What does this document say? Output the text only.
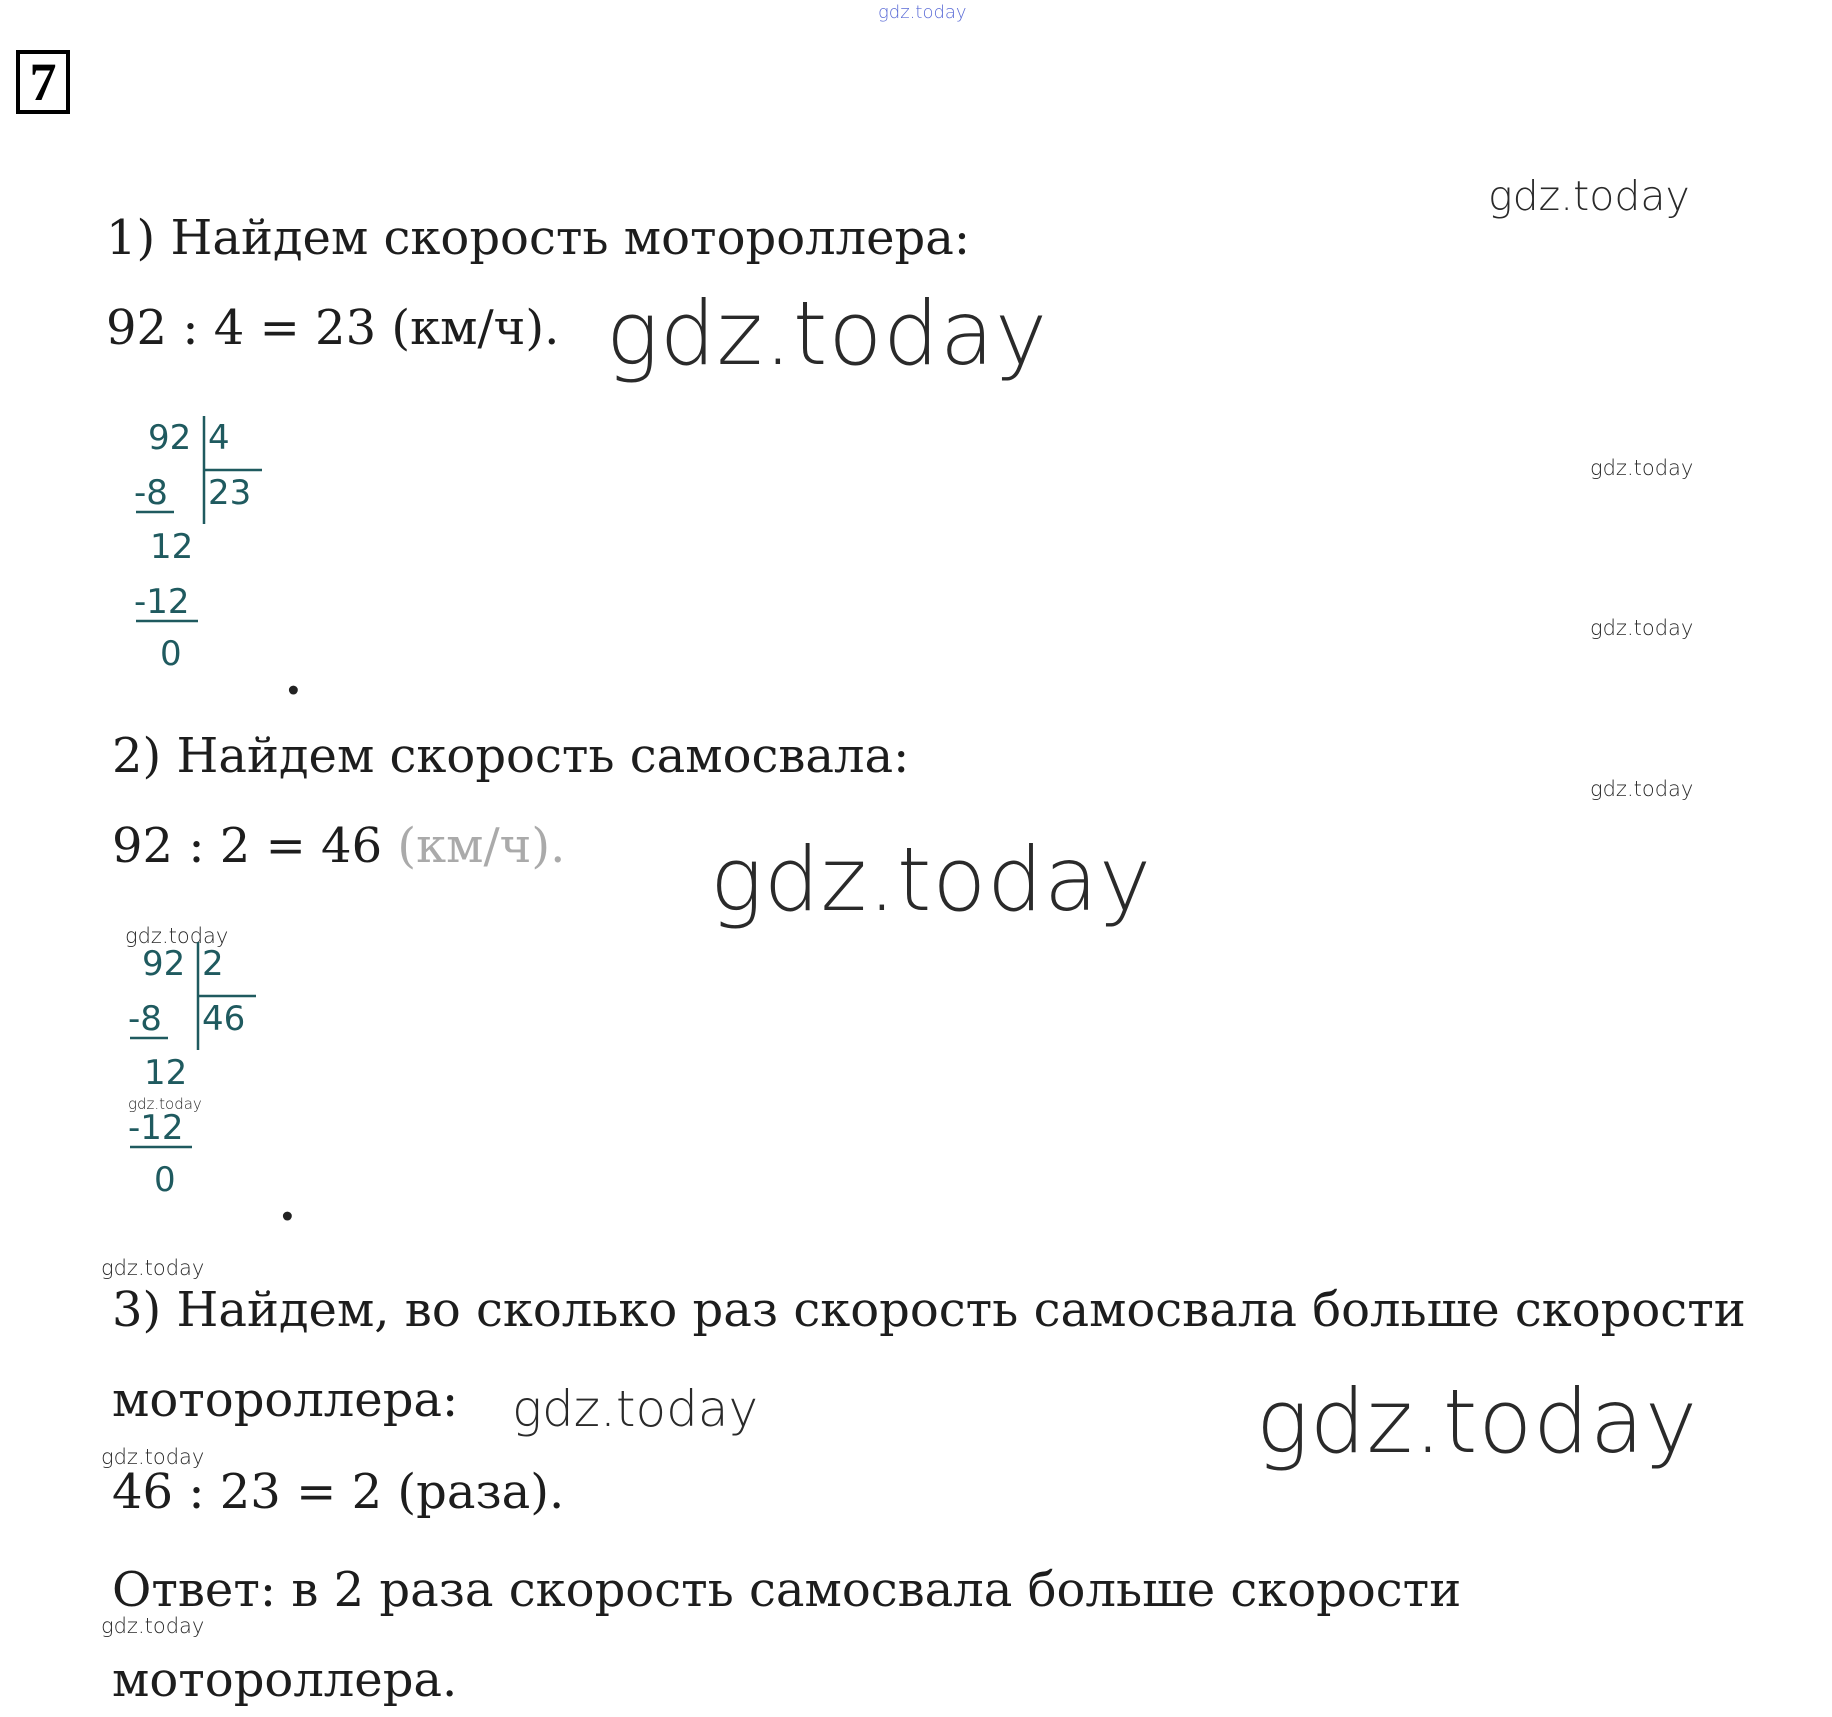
7
gdz.today
gdz.today
gdz.today
gdz.today
gdz.today
gdz.today
gdz.today
gdz.today
gdz.today
gdz.today
gdz.today	gdz.today
gdz.today
gdz.today
1) Найдем скорость мотороллера:
92 : 4 = 23 (км/ч).
92 4
-8 23
12
-12
0 .
2) Найдем скорость самосвала:
92 : 2 = 46 (км/ч).
92 2
-8 46
12
-12
0 .
3) Найдем, во сколько раз скорость самосвала больше скорости
мотороллера:
46 : 23 = 2 (раза).
Ответ: в 2 раза скорость самосвала больше скорости
мотороллера.
